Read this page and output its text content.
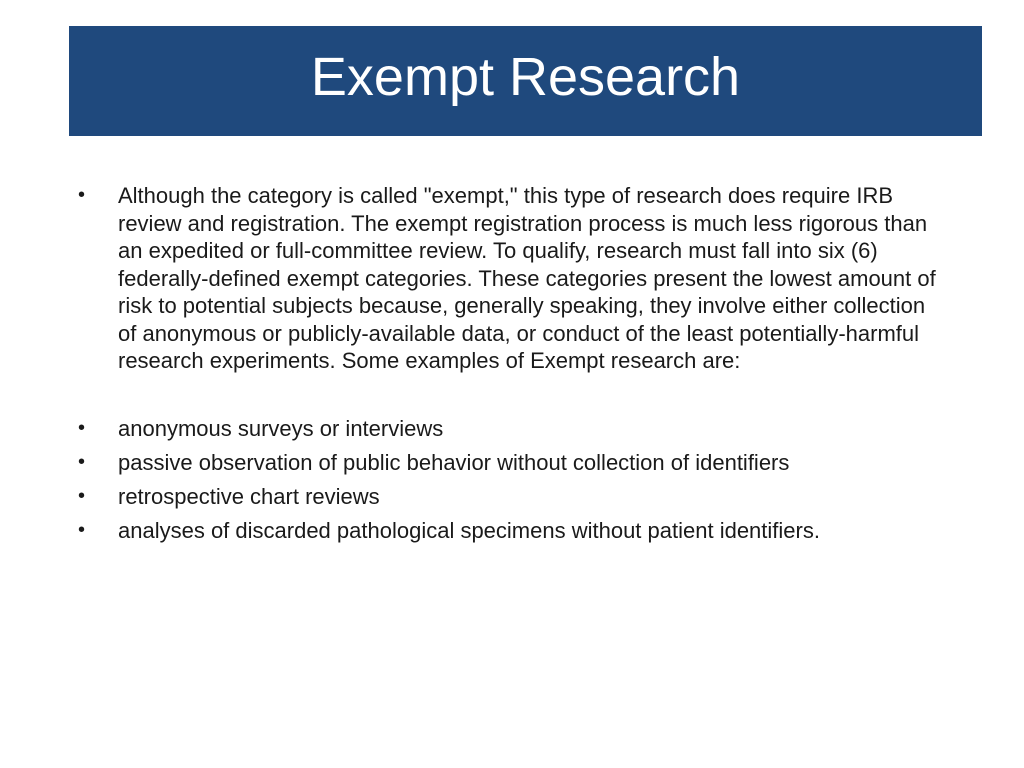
Exempt Research
•	Although the category is called "exempt," this type of research does require IRB review and registration. The exempt registration process is much less rigorous than an expedited or full-committee review. To qualify, research must fall into six (6) federally-defined exempt categories. These categories present the lowest amount of risk to potential subjects because, generally speaking, they involve either collection of anonymous or publicly-available data, or conduct of the least potentially-harmful research experiments. Some examples of Exempt research are:
•	anonymous surveys or interviews
•	passive observation of public behavior without collection of identifiers
•	retrospective chart reviews
•	analyses of discarded pathological specimens without patient identifiers.
